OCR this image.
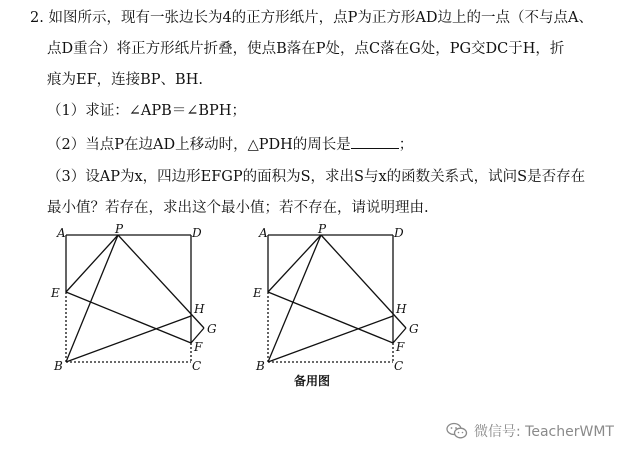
2. 如图所示，现有一张边长为4的正方形纸片，点P为正方形AD边上的一点（不与点A、
点D重合）将正方形纸片折叠，使点B落在P处，点C落在G处，PG交DC于H，折
痕为EF，连接BP、BH.
（1）求证：∠APB＝∠BPH；
（2）当点P在边AD上移动时，△PDH的周长是	；
（3）设AP为x，四边形EFGP的面积为S，求出S与x的函数关系式，试问S是否存在
最小值？若存在，求出这个最小值；若不存在，请说明理由.
A	P	D
E
H
G
F
B	C
A	P	D
E
H
G
F
B	C
备用图
微信号: TeacherWMT
